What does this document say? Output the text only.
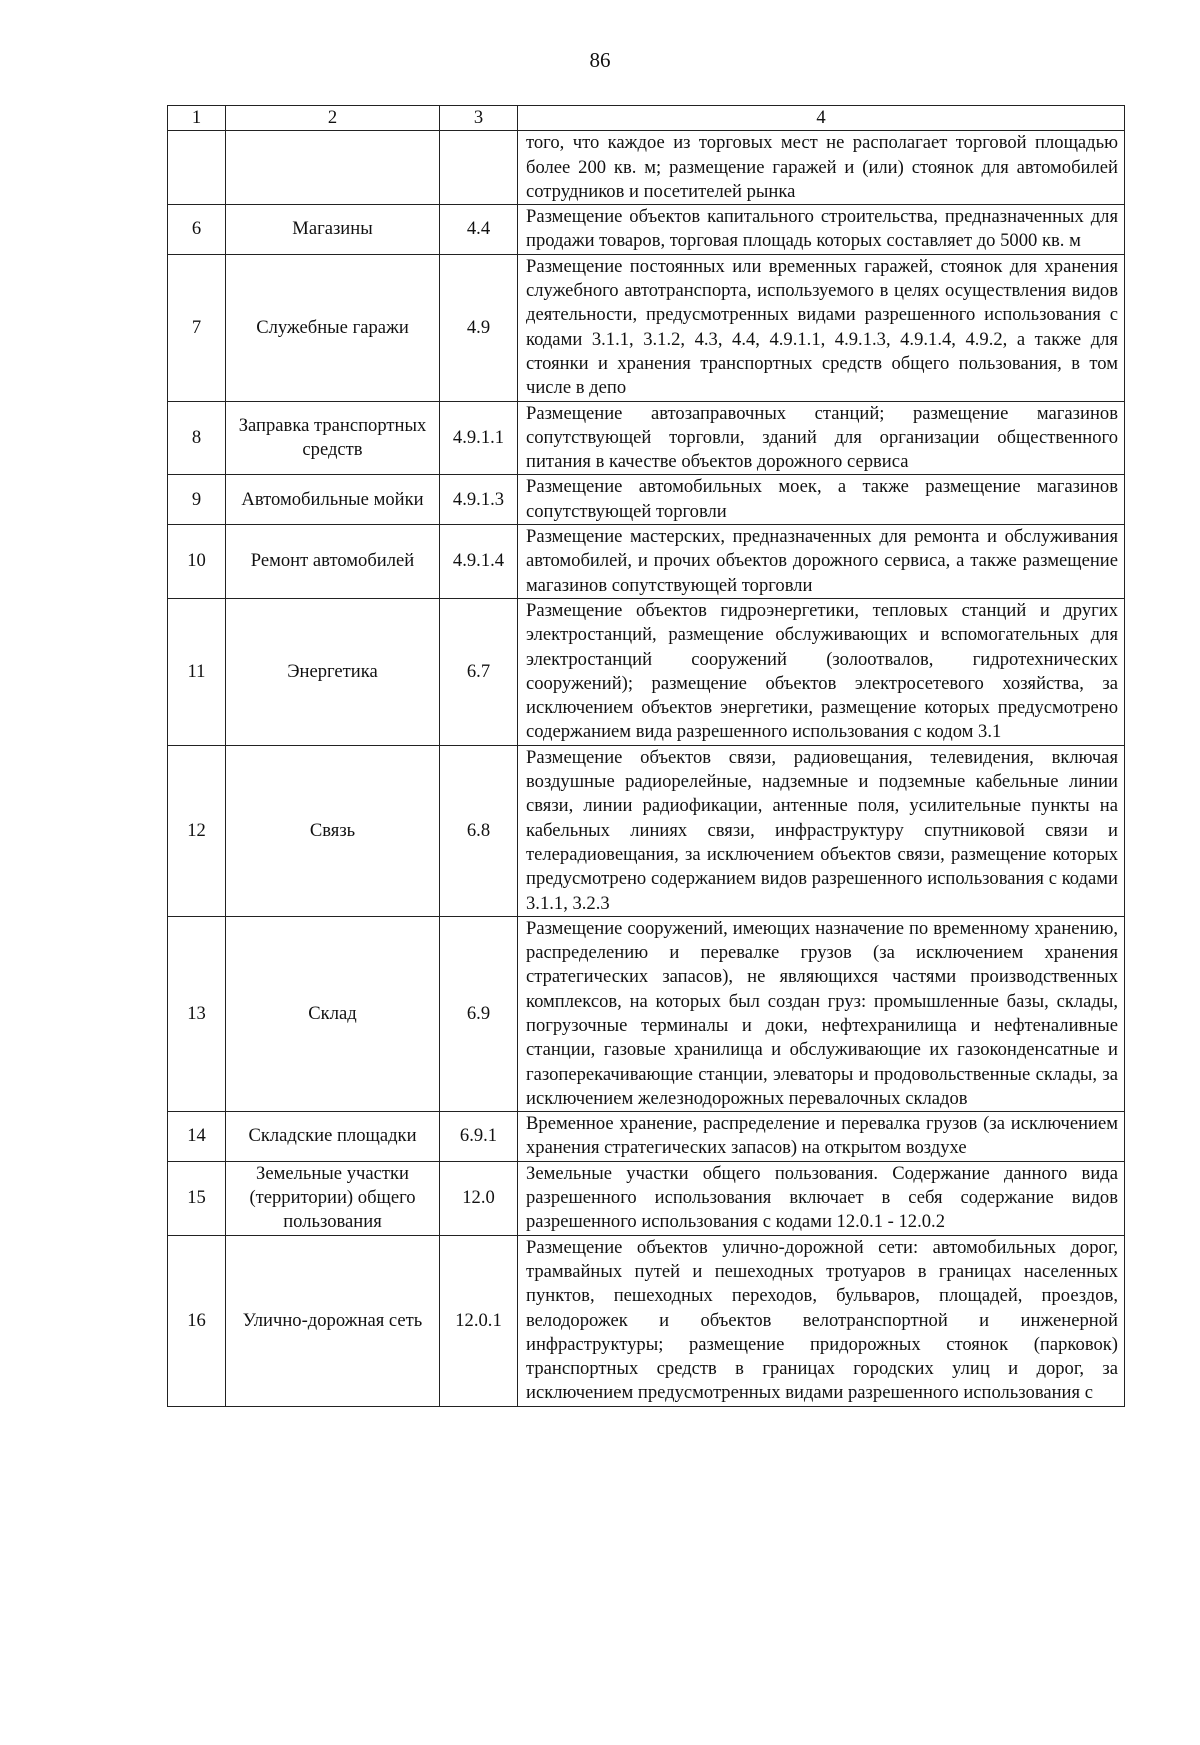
86
1	2	3	4
			того, что каждое из торговых мест не располагает торговой площадью более 200 кв. м; размещение гаражей и (или) стоянок для автомобилей сотрудников и посетителей рынка
6	Магазины	4.4	Размещение объектов капитального строительства, предназначенных для продажи товаров, торговая площадь которых составляет до 5000 кв. м
7	Служебные гаражи	4.9	Размещение постоянных или временных гаражей, стоянок для хранения служебного автотранспорта, используемого в целях осуществления видов деятельности, предусмотренных видами разрешенного использования с кодами 3.1.1, 3.1.2, 4.3, 4.4, 4.9.1.1, 4.9.1.3, 4.9.1.4, 4.9.2, а также для стоянки и хранения транспортных средств общего пользования, в том числе в депо
8	Заправка транспортных средств	4.9.1.1	Размещение автозаправочных станций; размещение магазинов сопутствующей торговли, зданий для организации общественного питания в качестве объектов дорожного сервиса
9	Автомобильные мойки	4.9.1.3	Размещение автомобильных моек, а также размещение магазинов сопутствующей торговли
10	Ремонт автомобилей	4.9.1.4	Размещение мастерских, предназначенных для ремонта и обслуживания автомобилей, и прочих объектов дорожного сервиса, а также размещение магазинов сопутствующей торговли
11	Энергетика	6.7	Размещение объектов гидроэнергетики, тепловых станций и других электростанций, размещение обслуживающих и вспомогательных для электростанций сооружений (золоотвалов, гидротехнических сооружений); размещение объектов электросетевого хозяйства, за исключением объектов энергетики, размещение которых предусмотрено содержанием вида разрешенного использования с кодом 3.1
12	Связь	6.8	Размещение объектов связи, радиовещания, телевидения, включая воздушные радиорелейные, надземные и подземные кабельные линии связи, линии радиофикации, антенные поля, усилительные пункты на кабельных линиях связи, инфраструктуру спутниковой связи и телерадиовещания, за исключением объектов связи, размещение которых предусмотрено содержанием видов разрешенного использования с кодами 3.1.1, 3.2.3
13	Склад	6.9	Размещение сооружений, имеющих назначение по временному хранению, распределению и перевалке грузов (за исключением хранения стратегических запасов), не являющихся частями производственных комплексов, на которых был создан груз: промышленные базы, склады, погрузочные терминалы и доки, нефтехранилища и нефтеналивные станции, газовые хранилища и обслуживающие их газоконденсатные и газоперекачивающие станции, элеваторы и продовольственные склады, за исключением железнодорожных перевалочных складов
14	Складские площадки	6.9.1	Временное хранение, распределение и перевалка грузов (за исключением хранения стратегических запасов) на открытом воздухе
15	Земельные участки (территории) общего пользования	12.0	Земельные участки общего пользования. Содержание данного вида разрешенного использования включает в себя содержание видов разрешенного использования с кодами 12.0.1 - 12.0.2
16	Улично-дорожная сеть	12.0.1	Размещение объектов улично-дорожной сети: автомобильных дорог, трамвайных путей и пешеходных тротуаров в границах населенных пунктов, пешеходных переходов, бульваров, площадей, проездов, велодорожек и объектов велотранспортной и инженерной инфраструктуры; размещение придорожных стоянок (парковок) транспортных средств в границах городских улиц и дорог, за исключением предусмотренных видами разрешенного использования с
